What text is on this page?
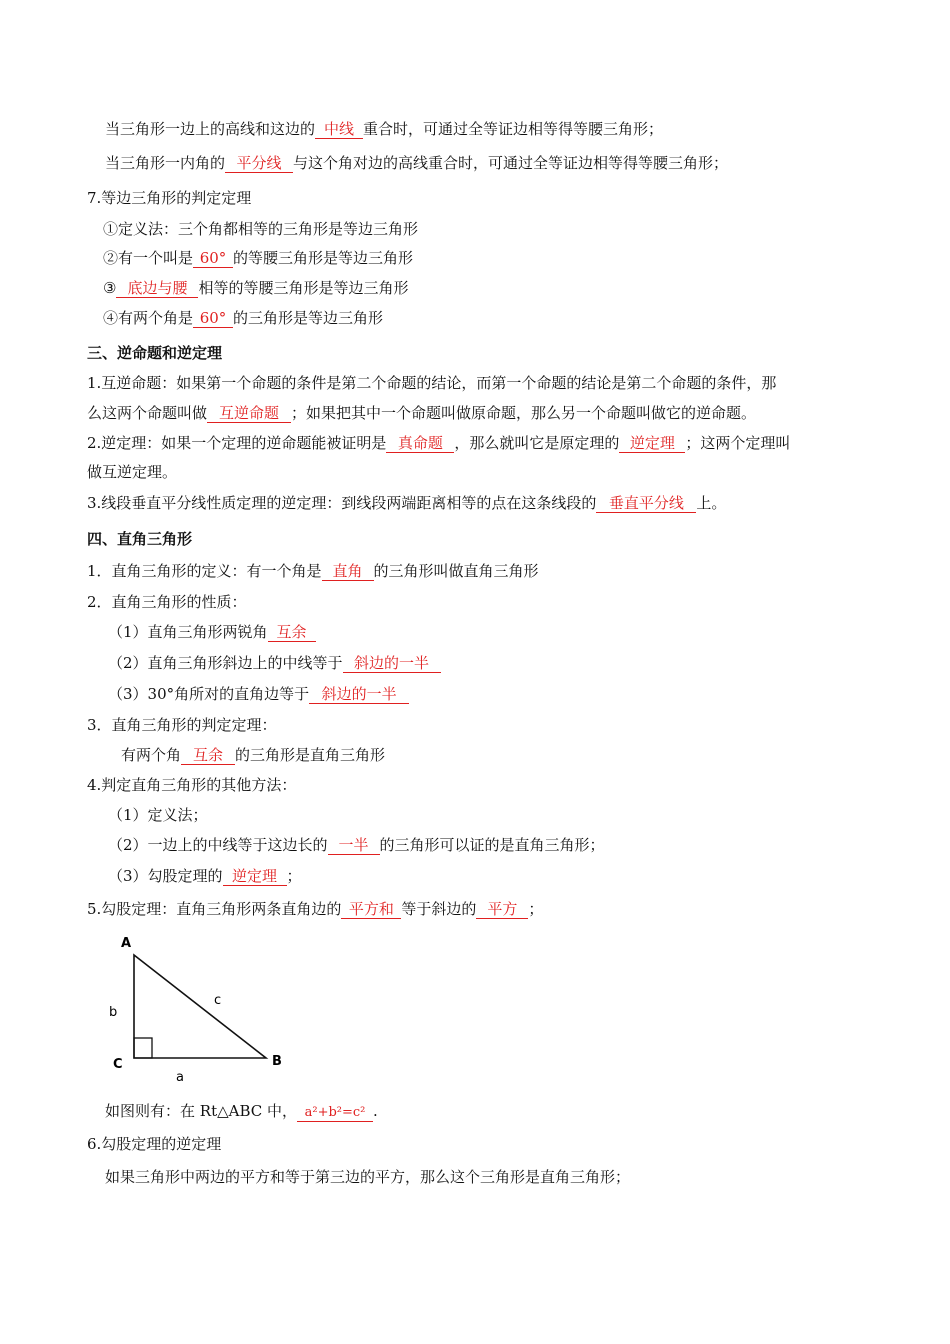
当三角形一边上的高线和这边的 中线 重合时，可通过全等证边相等得等腰三角形；
当三角形一内角的 平分线 与这个角对边的高线重合时，可通过全等证边相等得等腰三角形；
7.等边三角形的判定定理
①定义法：三个角都相等的三角形是等边三角形
②有一个叫是 60° 的等腰三角形是等边三角形
③ 底边与腰 相等的等腰三角形是等边三角形
④有两个角是 60° 的三角形是等边三角形
三、逆命题和逆定理
1.互逆命题：如果第一个命题的条件是第二个命题的结论，而第一个命题的结论是第二个命题的条件，那
么这两个命题叫做 互逆命题 ；如果把其中一个命题叫做原命题，那么另一个命题叫做它的逆命题。
2.逆定理：如果一个定理的逆命题能被证明是 真命题 ，那么就叫它是原定理的 逆定理 ；这两个定理叫
做互逆定理。
3.线段垂直平分线性质定理的逆定理：到线段两端距离相等的点在这条线段的 垂直平分线 上。
四、直角三角形
1．直角三角形的定义：有一个角是 直角 的三角形叫做直角三角形
2．直角三角形的性质：
（1）直角三角形两锐角 互余
（2）直角三角形斜边上的中线等于 斜边的一半
（3）30°角所对的直角边等于 斜边的一半
3．直角三角形的判定定理：
有两个角 互余 的三角形是直角三角形
4.判定直角三角形的其他方法：
（1）定义法；
（2）一边上的中线等于这边长的 一半 的三角形可以证的是直角三角形；
（3）勾股定理的 逆定理 ；
5.勾股定理：直角三角形两条直角边的 平方和 等于斜边的 平方 ；
A
b
c
C	B
a
如图则有：在 Rt△ABC 中， a²+b²=c² .
6.勾股定理的逆定理
如果三角形中两边的平方和等于第三边的平方，那么这个三角形是直角三角形；
